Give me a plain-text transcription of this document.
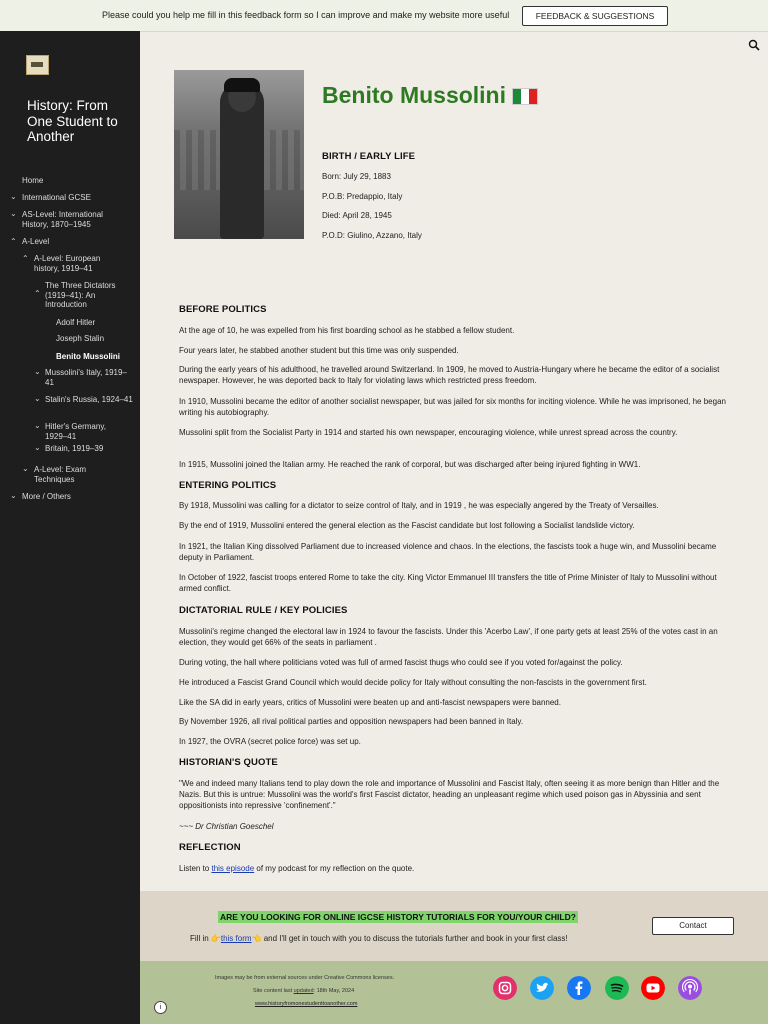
Please could you help me fill in this feedback form so I can improve and make my website more useful	FEEDBACK & SUGGESTIONS
History: From One Student to Another
Home
⌄ International GCSE
⌄ AS-Level: International History, 1870–1945
⌃ A-Level
⌃ A-Level: European history, 1919–41
⌃
The Three Dictators (1919–41): An Introduction
Adolf Hitler
Joseph Stalin
Benito Mussolini
⌄ Mussolini's Italy, 1919–41
⌄ Stalin's Russia, 1924–41
⌄ Hitler's Germany, 1929–41
⌄ Britain, 1919–39
⌄ A-Level: Exam Techniques
⌄ More / Others
Benito Mussolini
BIRTH / EARLY LIFE
Born: July 29, 1883
P.O.B: Predappio, Italy
Died: April 28, 1945
P.O.D: Giulino, Azzano, Italy
BEFORE POLITICS
At the age of 10, he was expelled from his first boarding school as he stabbed a fellow student.
Four years later, he stabbed another student but this time was only suspended.
During the early years of his adulthood, he travelled around Switzerland. In 1909, he moved to Austria-Hungary where he became the editor of a socialist newspaper. However, he was deported back to Italy for violating laws which restricted press freedom.
In 1910, Mussolini became the editor of another socialist newspaper, but was jailed for six months for inciting violence. While he was imprisoned, he began writing his autobiography.
Mussolini split from the Socialist Party in 1914 and started his own newspaper, encouraging violence, while unrest spread across the country.
In 1915, Mussolini joined the Italian army. He reached the rank of corporal, but was discharged after being injured fighting in WW1.
ENTERING POLITICS
By 1918, Mussolini was calling for a dictator to seize control of Italy, and in 1919 , he was especially angered by the Treaty of Versailles.
By the end of 1919, Mussolini entered the general election as the Fascist candidate but lost following a Socialist landslide victory.
In 1921, the Italian King dissolved Parliament due to increased violence and chaos. In the elections, the fascists took a huge win, and Mussolini became deputy in Parliament.
In October of 1922, fascist troops entered Rome to take the city. King Victor Emmanuel III transfers the title of Prime Minister of Italy to Mussolini without armed conflict.
DICTATORIAL RULE / KEY POLICIES
Mussolini's regime changed the electoral law in 1924 to favour the fascists. Under this 'Acerbo Law', if one party gets at least 25% of the votes cast in an election, they would get 66% of the seats in parliament .
During voting, the hall where politicians voted was full of armed fascist thugs who could see if you voted for/against the policy.
He introduced a Fascist Grand Council which would decide policy for Italy without consulting the non-fascists in the government first.
Like the SA did in early years, critics of Mussolini were beaten up and anti-fascist newspapers were banned.
By November 1926, all rival political parties and opposition newspapers had been banned in Italy.
In 1927, the OVRA (secret police force) was set up.
HISTORIAN'S QUOTE
"We and indeed many Italians tend to play down the role and importance of Mussolini and Fascist Italy, often seeing it as more benign than Hitler and the Nazis. But this is untrue: Mussolini was the world's first Fascist dictator, heading an unpleasant regime which used poison gas in Abyssinia and sent oppositionists into repressive 'confinement'."
~~~ Dr Christian Goeschel
REFLECTION
Listen to this episode of my podcast for my reflection on the quote.
ARE YOU LOOKING FOR ONLINE IGCSE HISTORY TUTORIALS FOR YOU/YOUR CHILD?
Fill in 👉this form👈 and I'll get in touch with you to discuss the tutorials further and book in your first class!
Contact
Images may be from external sources under Creative Commons licenses.
Site content last updated: 18th May, 2024
www.historyfromonestudenttoanother.com
i
